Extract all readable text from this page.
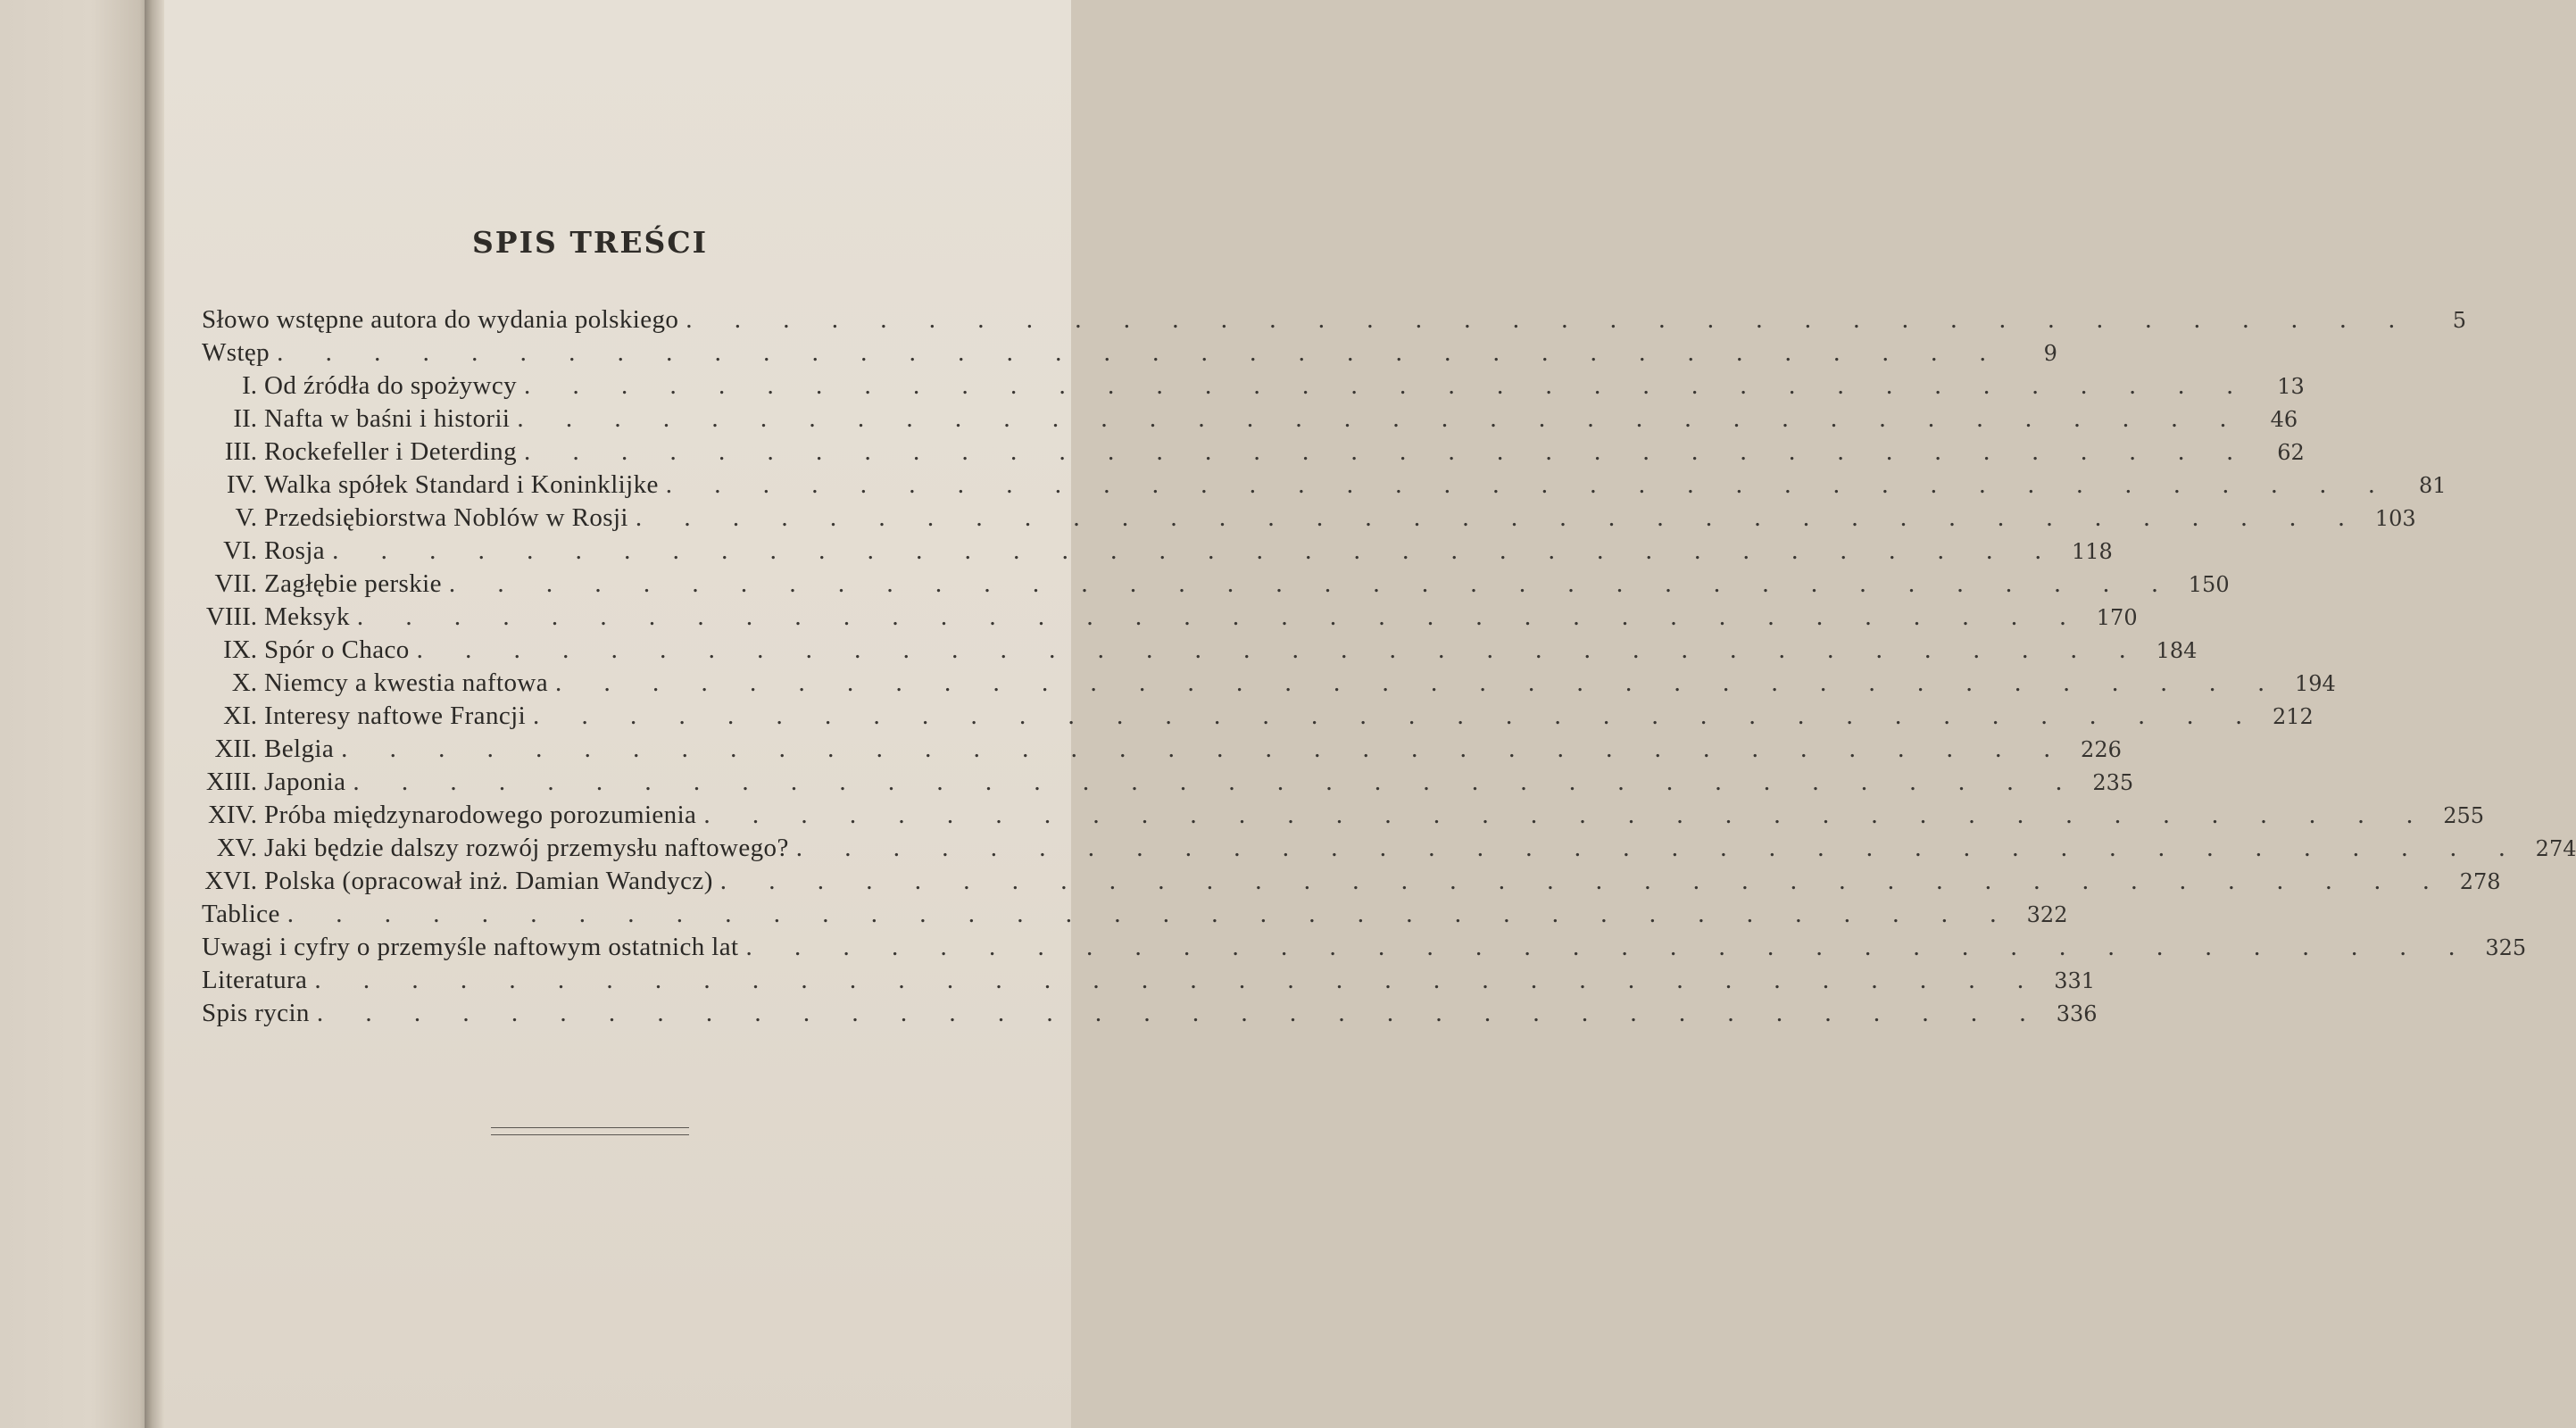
SPIS TREŚCI
Słowo wstępne autora do wydania polskiego . . . . . . . . . . . . . . . . . . . . . . . . . . . . . . . . . . . .	5
Wstęp . . . . . . . . . . . . . . . . . . . . . . . . . . . . . . . . . . . .	9
I. Od źródła do spożywcy . . . . . . . . . . . . . . . . . . . . . . . . . . . . . . . . . . . .	13
II. Nafta w baśni i historii . . . . . . . . . . . . . . . . . . . . . . . . . . . . . . . . . . . .	46
III. Rockefeller i Deterding . . . . . . . . . . . . . . . . . . . . . . . . . . . . . . . . . . . .	62
IV. Walka spółek Standard i Koninklijke . . . . . . . . . . . . . . . . . . . . . . . . . . . . . . . . . . . .	81
V. Przedsiębiorstwa Noblów w Rosji . . . . . . . . . . . . . . . . . . . . . . . . . . . . . . . . . . . . 103
VI. Rosja . . . . . . . . . . . . . . . . . . . . . . . . . . . . . . . . . . . . 118
VII. Zagłębie perskie . . . . . . . . . . . . . . . . . . . . . . . . . . . . . . . . . . . . 150
VIII. Meksyk . . . . . . . . . . . . . . . . . . . . . . . . . . . . . . . . . . . . 170
IX. Spór o Chaco . . . . . . . . . . . . . . . . . . . . . . . . . . . . . . . . . . . . 184
X. Niemcy a kwestia naftowa . . . . . . . . . . . . . . . . . . . . . . . . . . . . . . . . . . . . 194
XI. Interesy naftowe Francji . . . . . . . . . . . . . . . . . . . . . . . . . . . . . . . . . . . . 212
XII. Belgia . . . . . . . . . . . . . . . . . . . . . . . . . . . . . . . . . . . . 226
XIII. Japonia . . . . . . . . . . . . . . . . . . . . . . . . . . . . . . . . . . . . 235
XIV. Próba międzynarodowego porozumienia . . . . . . . . . . . . . . . . . . . . . . . . . . . . . . . . . . . . 255
XV. Jaki będzie dalszy rozwój przemysłu naftowego? . . . . . . . . . . . . . . . . . . . . . . . . . . . . . . . . . . . . 274
XVI. Polska (opracował inż. Damian Wandycz) . . . . . . . . . . . . . . . . . . . . . . . . . . . . . . . . . . . . 278
Tablice . . . . . . . . . . . . . . . . . . . . . . . . . . . . . . . . . . . . 322
Uwagi i cyfry o przemyśle naftowym ostatnich lat . . . . . . . . . . . . . . . . . . . . . . . . . . . . . . . . . . . . 325
Literatura . . . . . . . . . . . . . . . . . . . . . . . . . . . . . . . . . . . . 331
Spis rycin . . . . . . . . . . . . . . . . . . . . . . . . . . . . . . . . . . . . 336
